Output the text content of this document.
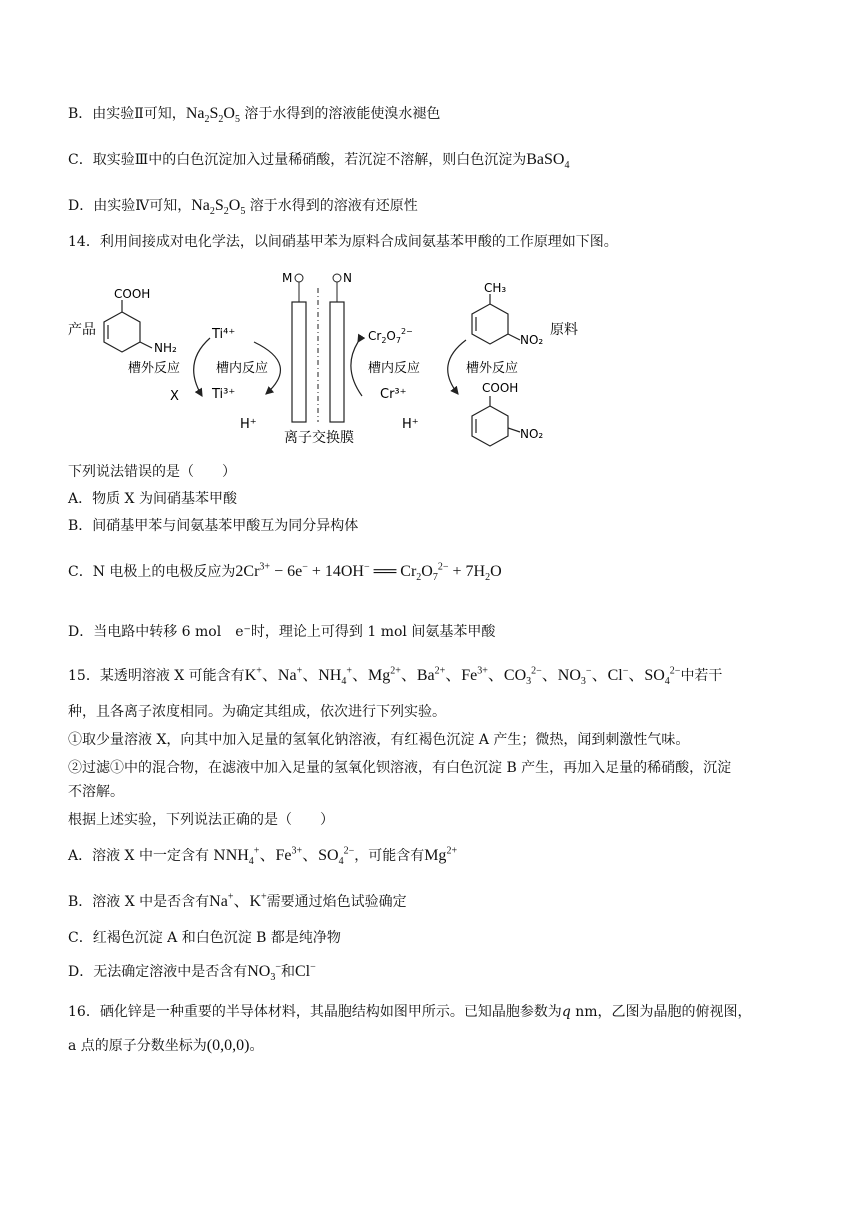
B．由实验Ⅱ可知，$Na_2S_2O_5$ 溶于水得到的溶液能使溴水褪色
C．取实验Ⅲ中的白色沉淀加入过量稀硝酸，若沉淀不溶解，则白色沉淀为BaSO$_4$
D．由实验Ⅳ可知，$Na_2S_2O_5$ 溶于水得到的溶液有还原性
14．利用间接成对电化学法，以间硝基甲苯为原料合成间氨基苯甲酸的工作原理如下图。
COOH
NH₂
产品
槽外反应
X
Ti⁴⁺
槽内反应
Ti³⁺
H⁺
M	N
离子交换膜
$Cr_2O_7^{2-}$
槽内反应
Cr³⁺
H⁺
槽外反应
CH₃
NO₂
原料
COOH
NO₂
下列说法错误的是（　　）
A．物质 X 为间硝基苯甲酸
B．间硝基甲苯与间氨基苯甲酸互为同分异构体
C．N 电极上的电极反应为$2Cr^{3+} - 6e^- + 14OH^-$ ══ $Cr_2O_7^{2-} + 7H_2O$
D．当电路中转移 6 mol　e⁻时，理论上可得到 1 mol 间氨基苯甲酸
15．某透明溶液 X 可能含有K+、Na+、$NH_4^+$、$Mg^{2+}$、$Ba^{2+}$、$Fe^{3+}$、$CO_3^{2-}$、$NO_3^-$、Cl−、$SO_4^{2-}$中若干
种，且各离子浓度相同。为确定其组成，依次进行下列实验。
①取少量溶液 X，向其中加入足量的氢氧化钠溶液，有红褐色沉淀 A 产生；微热，闻到刺激性气味。
②过滤①中的混合物，在滤液中加入足量的氢氧化钡溶液，有白色沉淀 B 产生，再加入足量的稀硝酸，沉淀
不溶解。
根据上述实验，下列说法正确的是（　　）
A．溶液 X 中一定含有 $NNH_4^+$、$Fe^{3+}$、$SO_4^{2-}$，可能含有$Mg^{2+}$
B．溶液 X 中是否含有Na+、K+需要通过焰色试验确定
C．红褐色沉淀 A 和白色沉淀 B 都是纯净物
D．无法确定溶液中是否含有$NO_3^-$和Cl−
16．硒化锌是一种重要的半导体材料，其晶胞结构如图甲所示。已知晶胞参数为q nm，乙图为晶胞的俯视图，
a 点的原子分数坐标为(0,0,0)。
